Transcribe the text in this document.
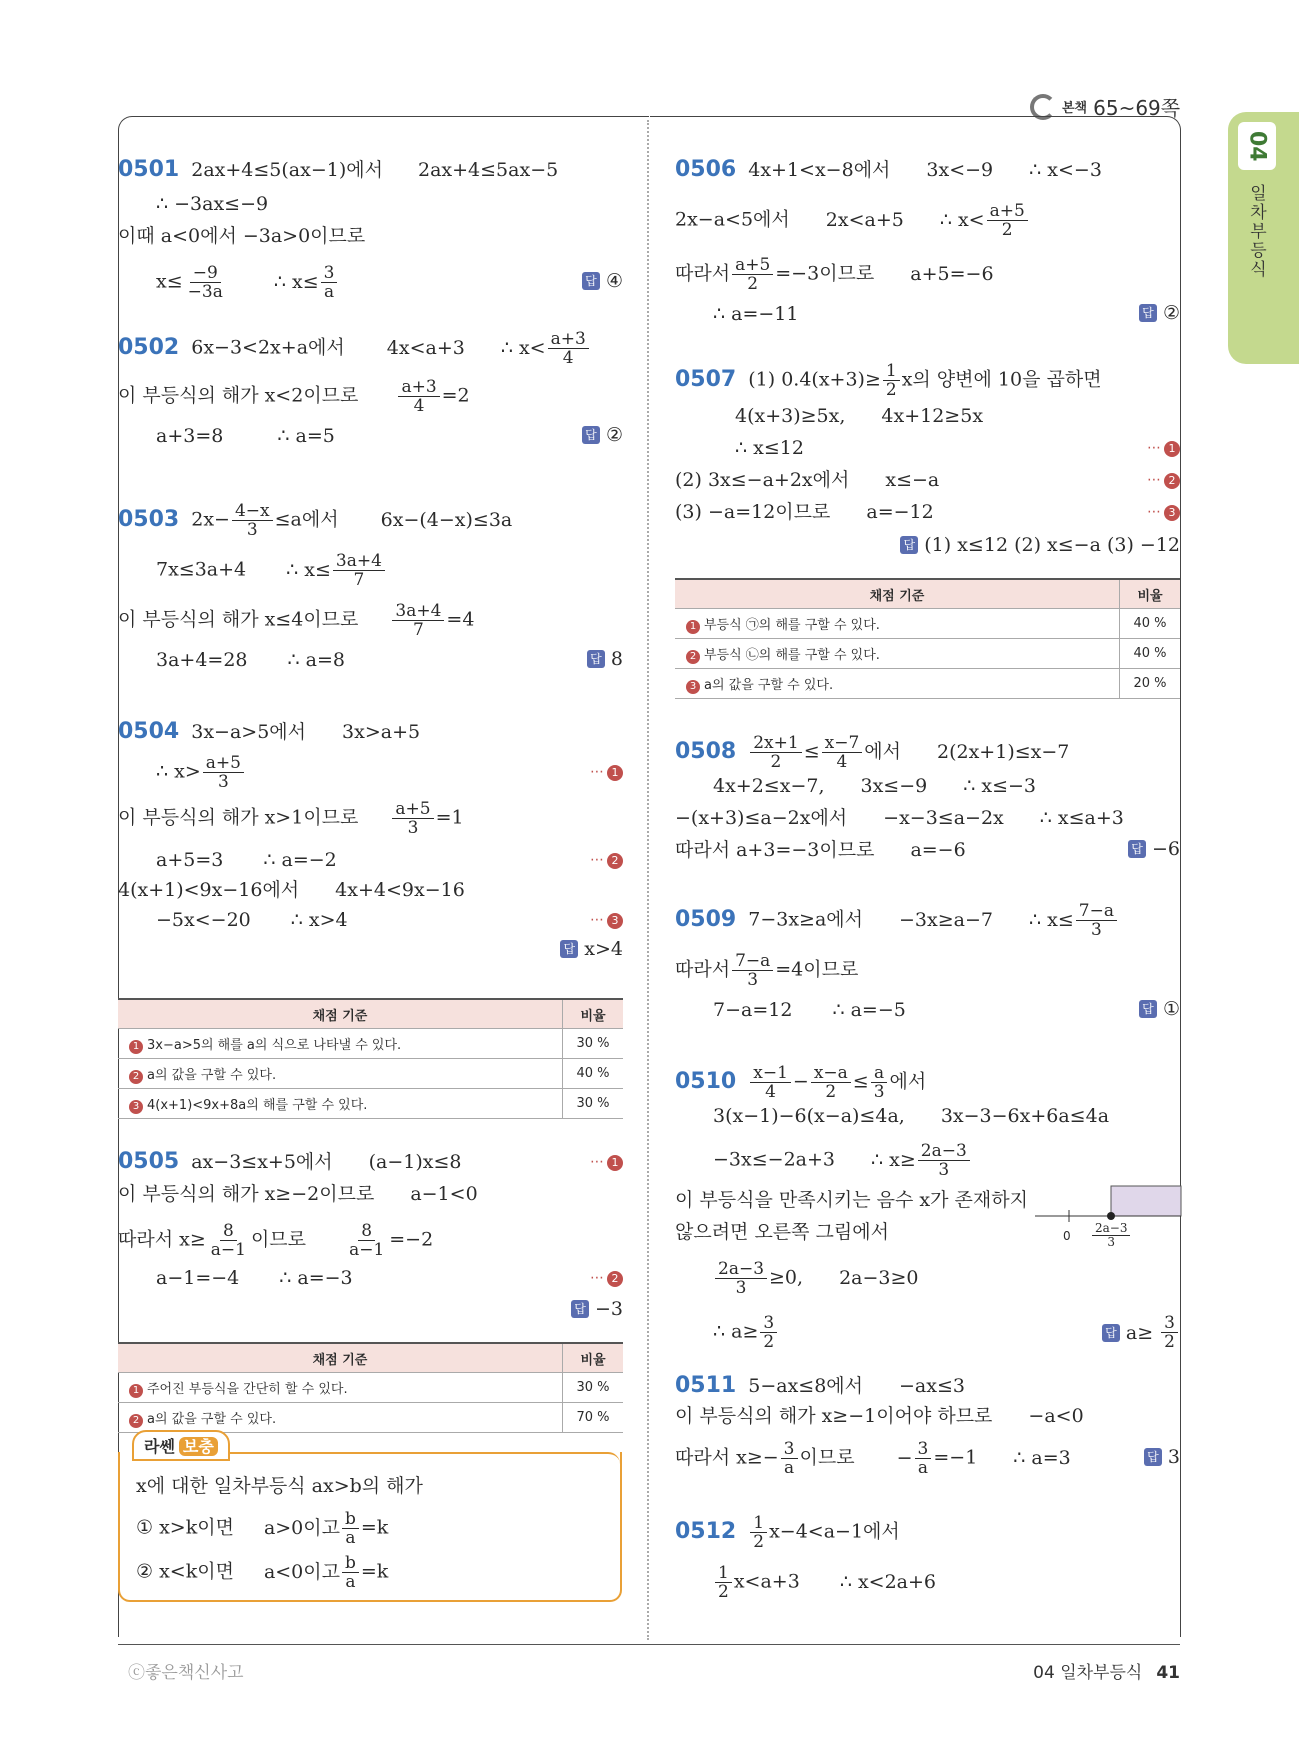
본책 65~69쪽
04
일차부등식
0501 2ax+4≤5(ax−1)에서 2ax+4≤5ax−5
∴ −3ax≤−9
이때 a<0에서 −3a>0이므로
$x\le \frac{-9}{-3a}$	∴ $x\le \frac{3}{a}$	답 ④
0502 6x−3<2x+a에서 4x<a+3 ∴ $x< \frac{a+3}{4}$
이 부등식의 해가 x<2이므로 $\frac{a+3}{4} =2$
a+3=8	∴ a=5	답 ②
0503 $2x- \frac{4-x}{3} \le a$에서 6x−(4−x)≤3a
7x≤3a+4 ∴ $x\le \frac{3a+4}{7}$
이 부등식의 해가 x≤4이므로 $\frac{3a+4}{7} =4$
3a+4=28 ∴ a=8	답 8
0504 3x−a>5에서 3x>a+5
∴ $x> \frac{a+5}{3}$	⋯ 1
이 부등식의 해가 x>1이므로 $\frac{a+5}{3} =1$
a+5=3 ∴ a=−2	⋯ 2
4(x+1)<9x−16에서 4x+4<9x−16
−5x<−20 ∴ x>4	⋯ 3
답 x>4
채점 기준	비율
1 3x−a>5의 해를 a의 식으로 나타낼 수 있다.	30 %
2 a의 값을 구할 수 있다.	40 %
3 4(x+1)<9x+8a의 해를 구할 수 있다.	30 %
0505 ax−3≤x+5에서 (a−1)x≤8	⋯ 1
이 부등식의 해가 x≥−2이므로 a−1<0
따라서 $x\ge \frac{8}{a-1}$ 이므로 $\frac{8}{a-1} =-2$
a−1=−4 ∴ a=−3	⋯ 2
답 −3
채점 기준	비율
1 주어진 부등식을 간단히 할 수 있다.	30 %
2 a의 값을 구할 수 있다.	70 %
라쎈 보충
x에 대한 일차부등식 ax>b의 해가
① x>k이면 a>0이고 $\frac{b}{a} =k$
② x<k이면 a<0이고 $\frac{b}{a} =k$
0506 4x+1<x−8에서 3x<−9 ∴ x<−3
2x−a<5에서 2x<a+5 ∴ $x< \frac{a+5}{2}$
따라서 $\frac{a+5}{2} =-3$이므로 a+5=−6
∴ a=−11	답 ②
0507 (1) $0.4(x+3)\ge \frac{1}{2}$ x의 양변에 10을 곱하면
4(x+3)≥5x, 4x+12≥5x
∴ x≤12	⋯ 1
(2) 3x≤−a+2x에서 x≤−a	⋯ 2
(3) −a=12이므로 a=−12	⋯ 3
답 (1) x≤12 (2) x≤−a (3) −12
채점 기준	비율
1 부등식 ㉠의 해를 구할 수 있다.	40 %
2 부등식 ㉡의 해를 구할 수 있다.	40 %
3 a의 값을 구할 수 있다.	20 %
$0508 \frac{2x+1}{2} \le \frac{x-7}{4}$ 에서 2(2x+1)≤x−7
4x+2≤x−7, 3x≤−9 ∴ x≤−3
−(x+3)≤a−2x에서 −x−3≤a−2x ∴ x≤a+3
따라서 a+3=−3이므로 a=−6	답 −6
0509 7−3x≥a에서 −3x≥a−7 ∴ $x\le \frac{7-a}{3}$
따라서 $\frac{7-a}{3} =4$이므로
7−a=12 ∴ a=−5	답 ①
$0510 \frac{x-1}{4} - \frac{x-a}{2} \le \frac{a}{3}$ 에서
3(x−1)−6(x−a)≤4a, 3x−3−6x+6a≤4a
−3x≤−2a+3 ∴ $x\ge \frac{2a-3}{3}$
이 부등식을 만족시키는 음수 x가 존재하지
않으려면 오른쪽 그림에서
$\frac{2a-3}{3} \ge 0$, 2a−3≥0
∴ $a\ge \frac{3}{2}$	답 $a\ge \frac{3}{2}$
$0 \frac{2a-3}{3}$
0511 5−ax≤8에서 −ax≤3
이 부등식의 해가 x≥−1이어야 하므로 −a<0
따라서 $x\ge- \frac{3}{a}$ 이므로 − $\frac{3}{a} =-1$ ∴ a=3	답 3
$0512 \frac{1}{2} x-4<a-1$에서
$\frac{1}{2} x<a+3$ ∴ x<2a+6
ⓒ좋은책신사고	04 일차부등식 41
